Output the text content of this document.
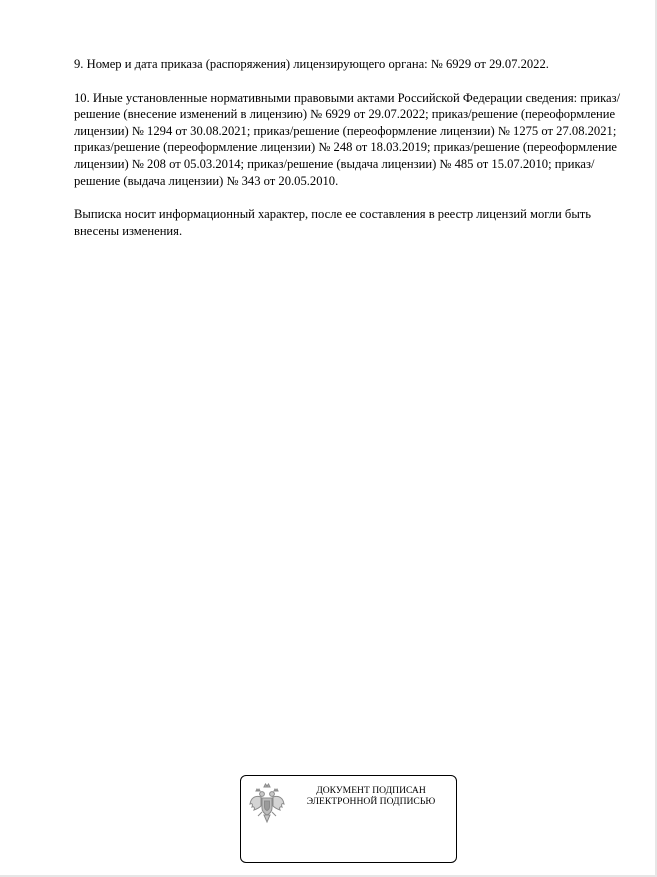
9. Номер и дата приказа (распоряжения) лицензирующего органа: № 6929 от 29.07.2022.

10. Иные установленные нормативными правовыми актами Российской Федерации сведения: приказ/решение (внесение изменений в лицензию) № 6929 от 29.07.2022; приказ/решение (переоформление лицензии) № 1294 от 30.08.2021; приказ/решение (переоформление лицензии) № 1275 от 27.08.2021; приказ/решение (переоформление лицензии) № 248 от 18.03.2019; приказ/решение (переоформление лицензии) № 208 от 05.03.2014; приказ/решение (выдача лицензии) № 485 от 15.07.2010; приказ/решение (выдача лицензии) № 343 от 20.05.2010.

Выписка носит информационный характер, после ее составления в реестр лицензий могли быть внесены изменения.

ДОКУМЕНТ ПОДПИСАН
ЭЛЕКТРОННОЙ ПОДПИСЬЮ
